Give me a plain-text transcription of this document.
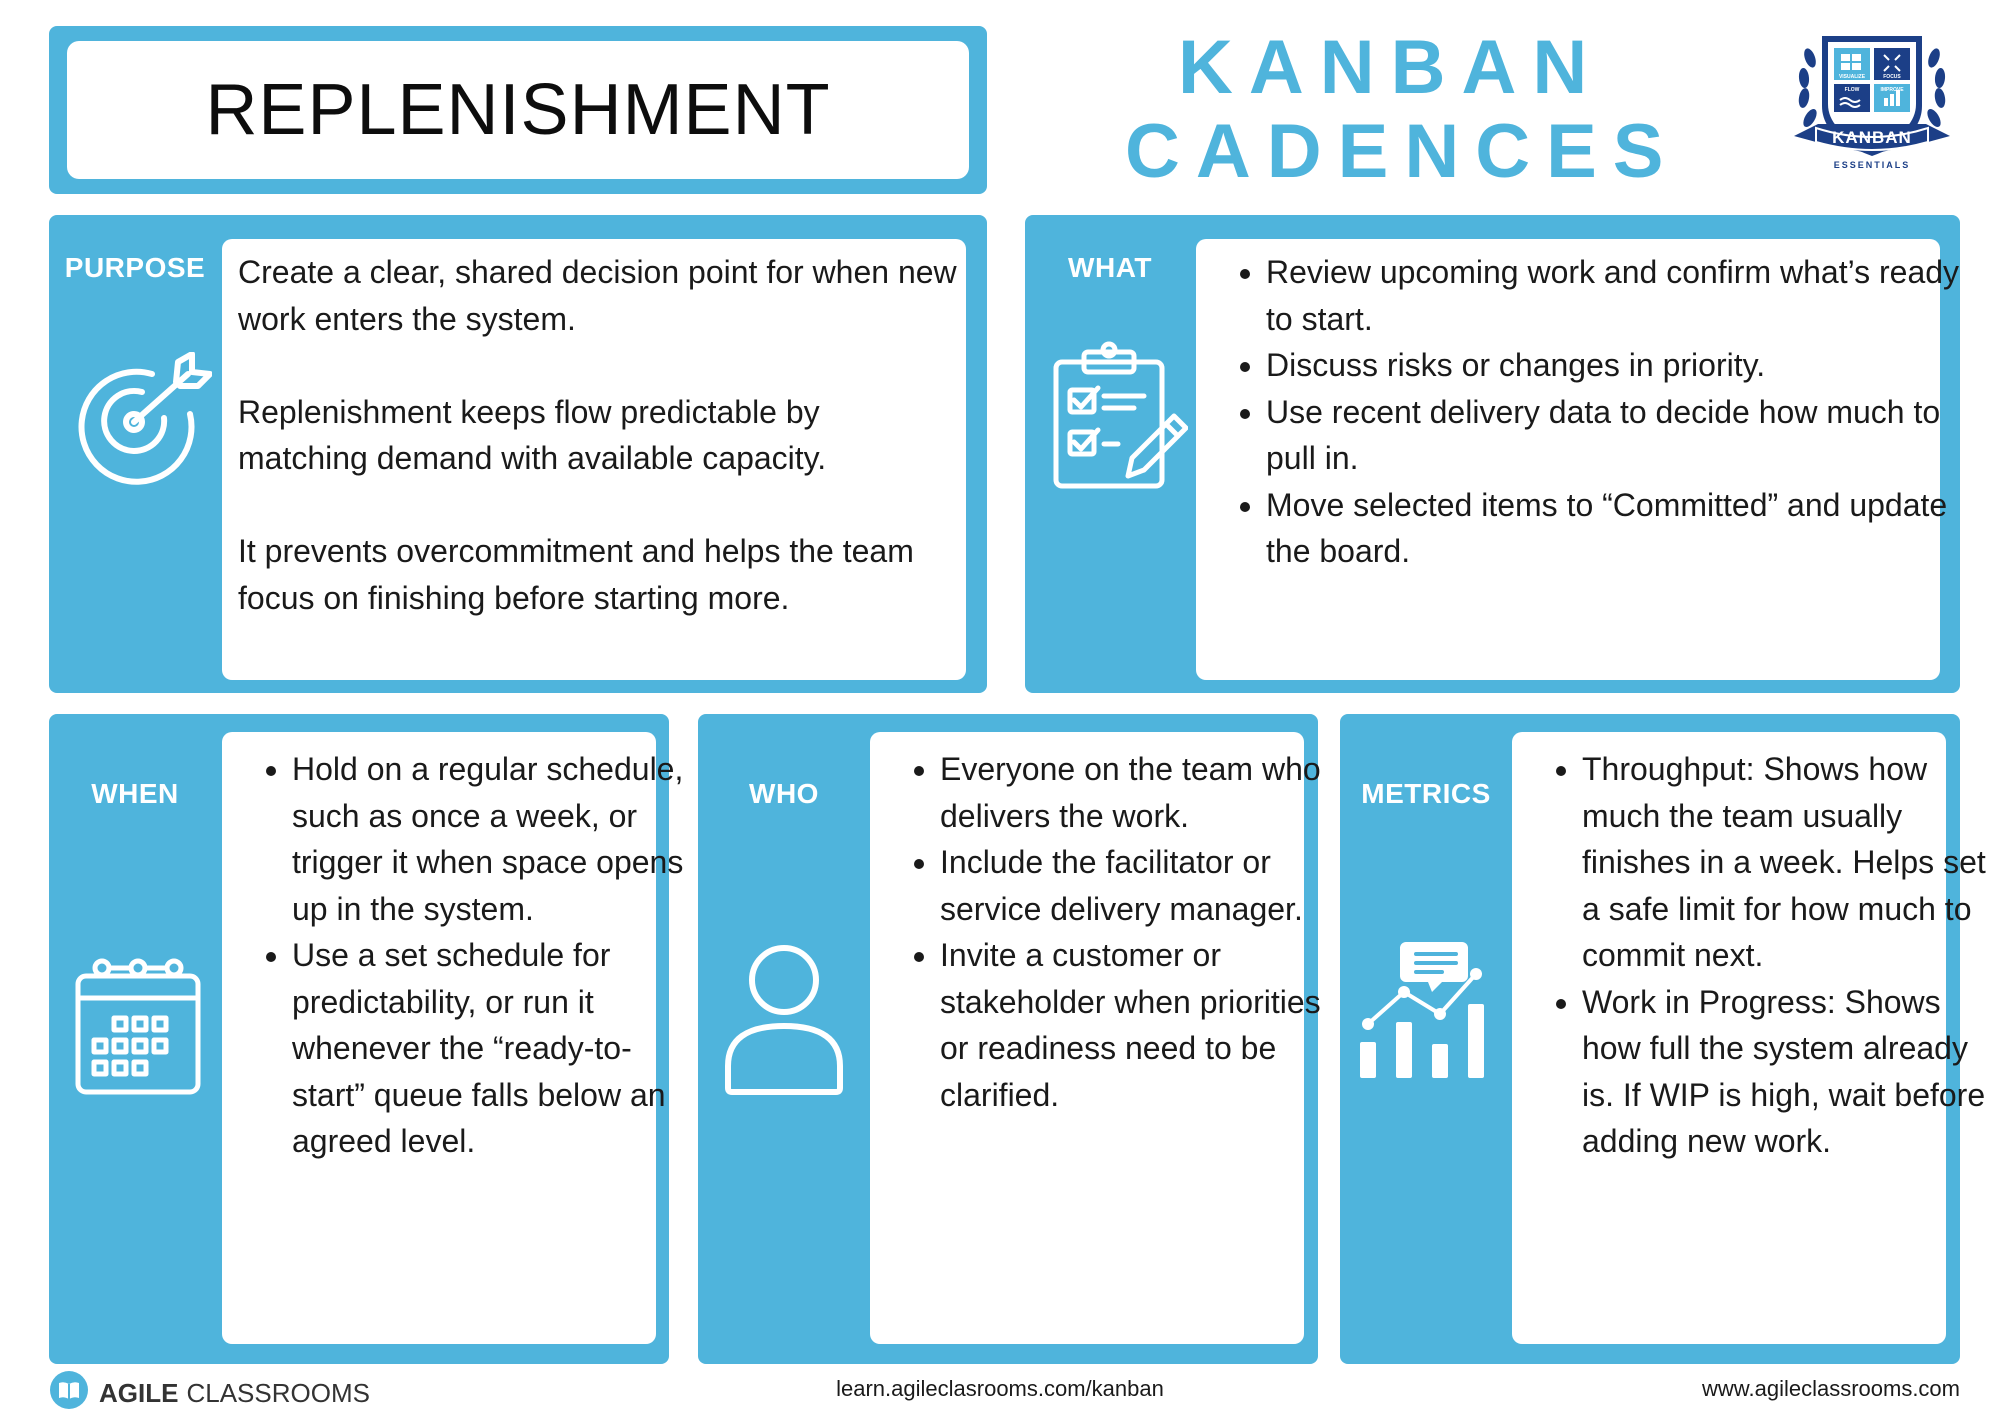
REPLENISHMENT	KANBAN
CADENCES
VISUALIZE	FOCUS
FLOW	IMPROVE
KANBAN
ESSENTIALS
PURPOSE	Create a clear, shared decision point for when new work enters the system.

Replenishment keeps flow predictable by matching demand with available capacity.

It prevents overcommitment and helps the team focus on finishing before starting more.

WHAT
•	Review upcoming work and confirm what’s ready to start.
• Discuss risks or changes in priority.
• Use recent delivery data to decide how much to pull in.
• Move selected items to “Committed” and update the board.
WHEN
• Hold on a regular schedule, such as once a week, or trigger it when space opens up in the system.
• Use a set schedule for predictability, or run it whenever the “ready-to-start” queue falls below an agreed level.
WHO
• Everyone on the team who delivers the work.
• Include the facilitator or service delivery manager.
• Invite a customer or stakeholder when priorities or readiness need to be clarified.
METRICS
• Throughput: Shows how much the team usually finishes in a week. Helps set a safe limit for how much to commit next.
• Work in Progress: Shows how full the system already is. If WIP is high, wait before adding new work.
AGILE CLASSROOMS	learn.agileclasrooms.com/kanban	www.agileclassrooms.com
